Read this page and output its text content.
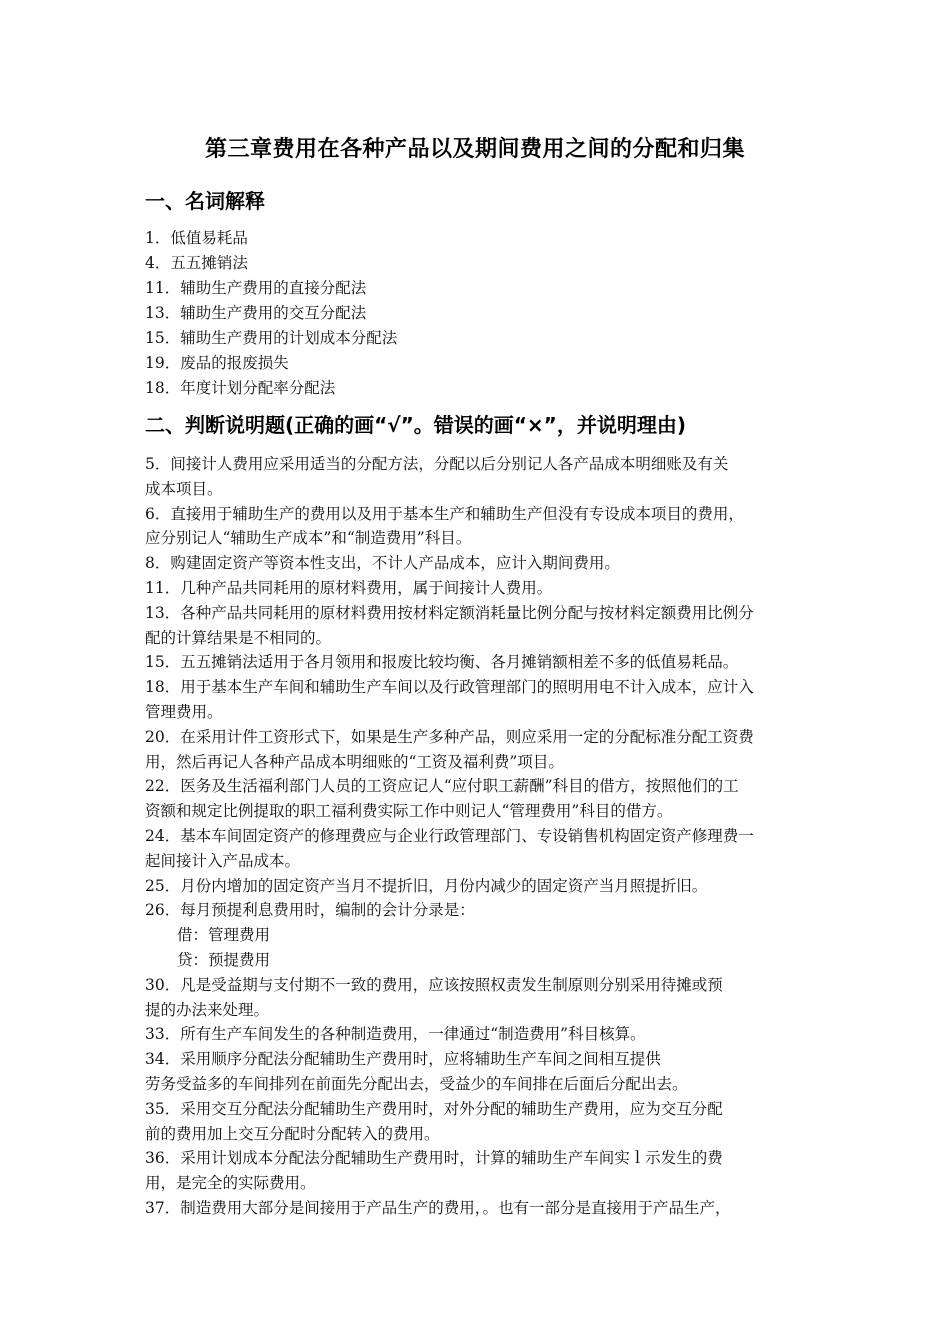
第三章费用在各种产品以及期间费用之间的分配和归集
一、名词解释
1．低值易耗品
4．五五摊销法
11．辅助生产费用的直接分配法
13．辅助生产费用的交互分配法
15．辅助生产费用的计划成本分配法
19．废品的报废损失
18．年度计划分配率分配法
二、判断说明题(正确的画“√”。错误的画“×”，并说明理由)
5．间接计人费用应采用适当的分配方法，分配以后分别记人各产品成本明细账及有关
成本项目。
6．直接用于辅助生产的费用以及用于基本生产和辅助生产但没有专设成本项目的费用，
应分别记人“辅助生产成本”和“制造费用”科目。
8．购建固定资产等资本性支出，不计人产品成本，应计入期间费用。
11．几种产品共同耗用的原材料费用，属于间接计人费用。
13．各种产品共同耗用的原材料费用按材料定额消耗量比例分配与按材料定额费用比例分
配的计算结果是不相同的。
15．五五摊销法适用于各月领用和报废比较均衡、各月摊销额相差不多的低值易耗品。
18．用于基本生产车间和辅助生产车间以及行政管理部门的照明用电不计入成本，应计入
管理费用。
20．在采用计件工资形式下，如果是生产多种产品，则应采用一定的分配标准分配工资费
用，然后再记人各种产品成本明细账的“工资及福利费”项目。
22．医务及生活福利部门人员的工资应记人“应付职工薪酬”科目的借方，按照他们的工
资额和规定比例提取的职工福利费实际工作中则记人“管理费用”科目的借方。
24．基本车间固定资产的修理费应与企业行政管理部门、专设销售机构固定资产修理费一
起间接计入产品成本。
25．月份内增加的固定资产当月不提折旧，月份内减少的固定资产当月照提折旧。
26．每月预提利息费用时，编制的会计分录是：
借：管理费用
贷：预提费用
30．凡是受益期与支付期不一致的费用，应该按照权责发生制原则分别采用待摊或预
提的办法来处理。
33．所有生产车间发生的各种制造费用，一律通过“制造费用”科目核算。
34．采用顺序分配法分配辅助生产费用时，应将辅助生产车间之间相互提供
劳务受益多的车间排列在前面先分配出去，受益少的车间排在后面后分配出去。
35．采用交互分配法分配辅助生产费用时，对外分配的辅助生产费用，应为交互分配
前的费用加上交互分配时分配转入的费用。
36．采用计划成本分配法分配辅助生产费用时，计算的辅助生产车间实ｌ示发生的费
用，是完全的实际费用。
37．制造费用大部分是间接用于产品生产的费用，。也有一部分是直接用于产品生产，
